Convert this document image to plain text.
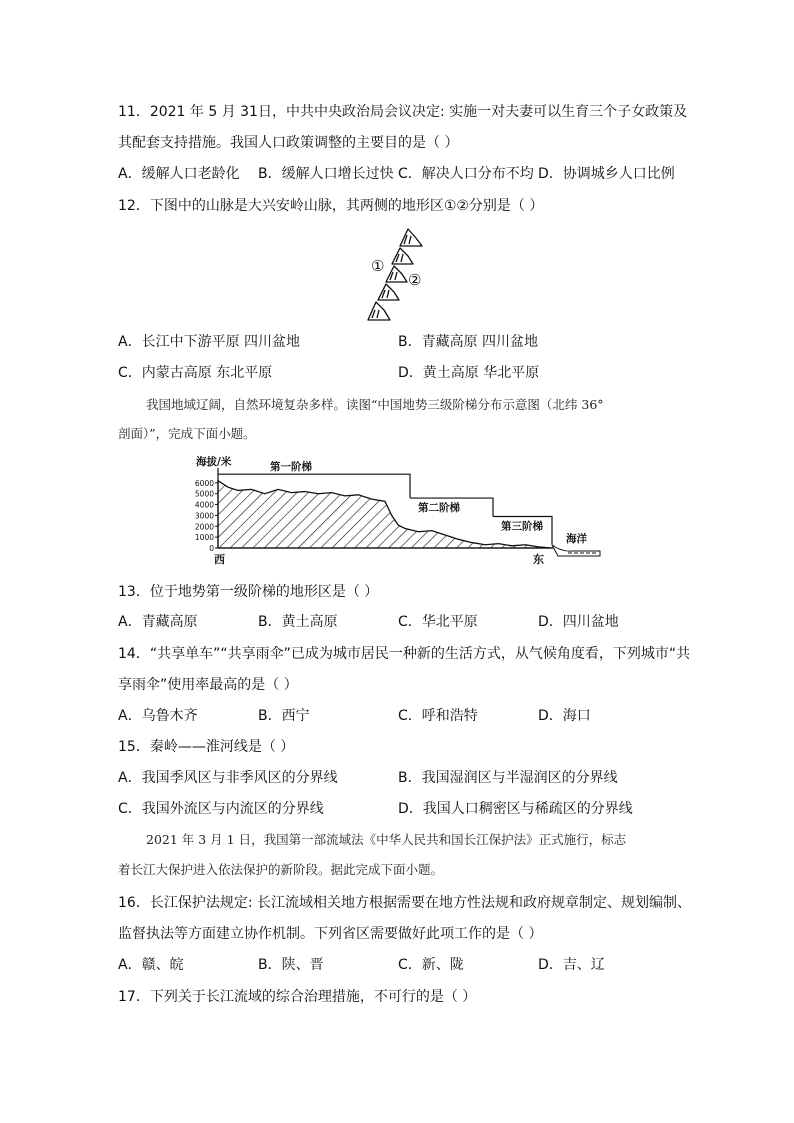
11．2021 年 5 月 31日，中共中央政治局会议决定: 实施一对夫妻可以生育三个子女政策及
其配套支持措施。我国人口政策调整的主要目的是（ ）
A．缓解人口老龄化 B．缓解人口增长过快 C．解决人口分布不均 D．协调城乡人口比例
12．下图中的山脉是大兴安岭山脉，其两侧的地形区①②分别是（ ）
①
②
A．长江中下游平原 四川盆地	B．青藏高原 四川盆地
C．内蒙古高原 东北平原	D．黄土高原 华北平原
我国地域辽阔，自然环境复杂多样。读图“中国地势三级阶梯分布示意图（北纬 36°
剖面）”，完成下面小题。
6000
5000
4000
3000
2000
1000
0
海拔/米
西	东
第一阶梯
第二阶梯
第三阶梯
海洋
13．位于地势第一级阶梯的地形区是（ ）
A．青藏高原	B．黄土高原	C．华北平原	D．四川盆地
14．“共享单车”“共享雨伞”已成为城市居民一种新的生活方式，从气候角度看，下列城市“共
享雨伞”使用率最高的是（ ）
A．乌鲁木齐	B．西宁	C．呼和浩特	D．海口
15．秦岭——淮河线是（ ）
A．我国季风区与非季风区的分界线	B．我国湿润区与半湿润区的分界线
C．我国外流区与内流区的分界线	D．我国人口稠密区与稀疏区的分界线
2021 年 3 月 1 日，我国第一部流域法《中华人民共和国长江保护法》正式施行，标志
着长江大保护进入依法保护的新阶段。据此完成下面小题。
16．长江保护法规定: 长江流域相关地方根据需要在地方性法规和政府规章制定、规划编制、
监督执法等方面建立协作机制。下列省区需要做好此项工作的是（ ）
A．赣、皖	B．陕、晋	C．新、陇	D．吉、辽
17．下列关于长江流域的综合治理措施，不可行的是（ ）
